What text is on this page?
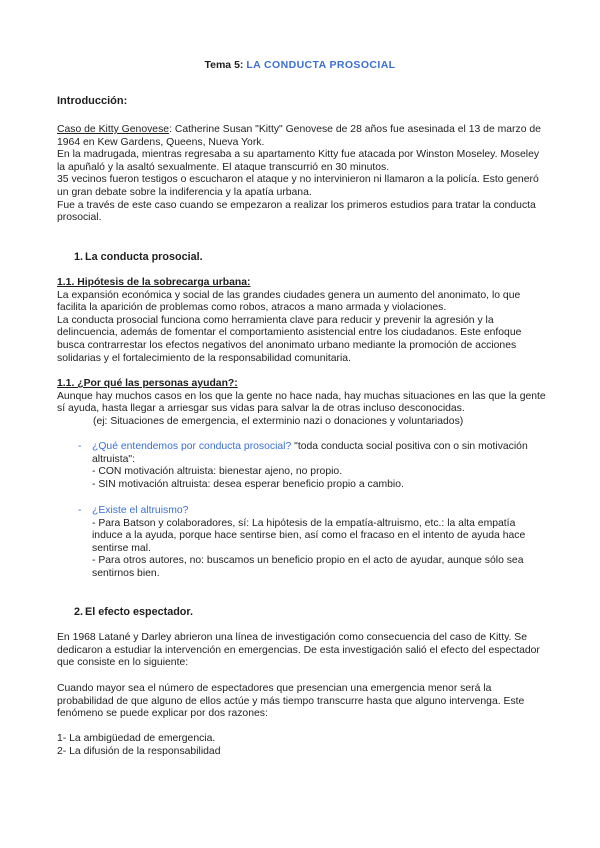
Tema 5: LA CONDUCTA PROSOCIAL
Introducción:

Caso de Kitty Genovese: Catherine Susan "Kitty" Genovese de 28 años fue asesinada el 13 de marzo de 1964 en Kew Gardens, Queens, Nueva York.

En la madrugada, mientras regresaba a su apartamento Kitty fue atacada por Winston Moseley. Moseley la apuñaló y la asaltó sexualmente. El ataque transcurrió en 30 minutos.

35 vecinos fueron testigos o escucharon el ataque y no intervinieron ni llamaron a la policía. Esto generó un gran debate sobre la indiferencia y la apatía urbana.

Fue a través de este caso cuando se empezaron a realizar los primeros estudios para tratar la conducta prosocial.

1. La conducta prosocial.

1.1. Hipótesis de la sobrecarga urbana:

La expansión económica y social de las grandes ciudades genera un aumento del anonimato, lo que facilita la aparición de problemas como robos, atracos a mano armada y violaciones.

La conducta prosocial funciona como herramienta clave para reducir y prevenir la agresión y la delincuencia, además de fomentar el comportamiento asistencial entre los ciudadanos. Este enfoque busca contrarrestar los efectos negativos del anonimato urbano mediante la promoción de acciones solidarias y el fortalecimiento de la responsabilidad comunitaria.

1.1. ¿Por qué las personas ayudan?:

Aunque hay muchos casos en los que la gente no hace nada, hay muchas situaciones en las que la gente sí ayuda, hasta llegar a arriesgar sus vidas para salvar la de otras incluso desconocidas.

(ej: Situaciones de emergencia, el exterminio nazi o donaciones y voluntariados)

- ¿Qué entendemos por conducta prosocial? "toda conducta social positiva con o sin motivación altruista":

- CON motivación altruista: bienestar ajeno, no propio.

- SIN motivación altruista: desea esperar beneficio propio a cambio.

- ¿Existe el altruismo?

- Para Batson y colaboradores, sí: La hipótesis de la empatía-altruismo, etc.: la alta empatía induce a la ayuda, porque hace sentirse bien, así como el fracaso en el intento de ayuda hace sentirse mal.

- Para otros autores, no: buscamos un beneficio propio en el acto de ayudar, aunque sólo sea sentirnos bien.

2. El efecto espectador.
En 1968 Latané y Darley abrieron una línea de investigación como consecuencia del caso de Kitty. Se dedicaron a estudiar la intervención en emergencias. De esta investigación salió el efecto del espectador que consiste en lo siguiente:
Cuando mayor sea el número de espectadores que presencian una emergencia menor será la probabilidad de que alguno de ellos actúe y más tiempo transcurre hasta que alguno intervenga. Este fenómeno se puede explicar por dos razones:
1- La ambigüedad de emergencia.
2- La difusión de la responsabilidad
